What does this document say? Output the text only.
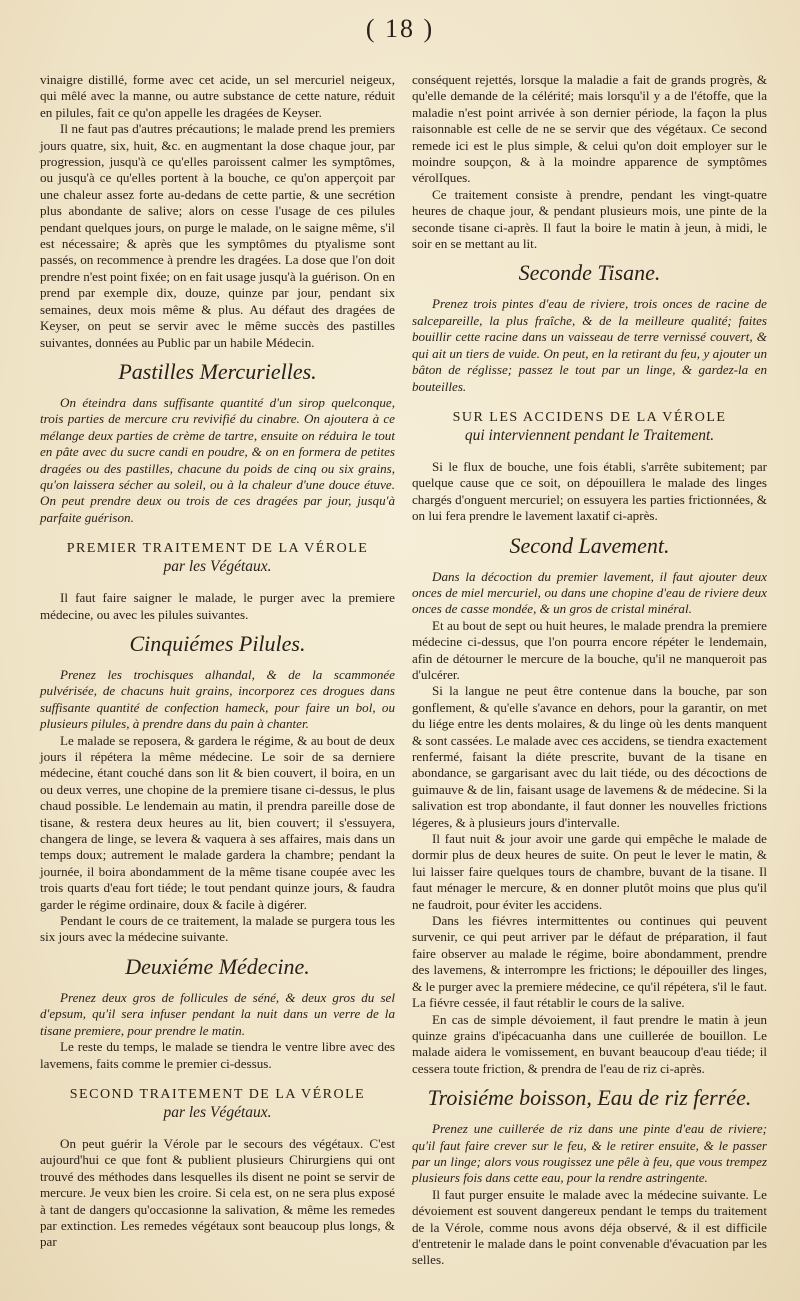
( 18 )

vinaigre distillé, forme avec cet acide, un sel mercuriel neigeux, qui mêlé avec la manne, ou autre substance de cette nature, réduit en pilules, fait ce qu'on appelle les dragées de Keyser.

Il ne faut pas d'autres précautions; le malade prend les premiers jours quatre, six, huit, &c. en augmentant la dose chaque jour, par progression, jusqu'à ce qu'elles paroissent calmer les symptômes, ou jusqu'à ce qu'elles portent à la bouche, ce qu'on apperçoit par une chaleur assez forte au-dedans de cette partie, & une secrétion plus abondante de salive; alors on cesse l'usage de ces pilules pendant quelques jours, on purge le malade, on le saigne même, s'il est nécessaire; & après que les symptômes du ptyalisme sont passés, on recommence à prendre les dragées. La dose que l'on doit prendre n'est point fixée; on en fait usage jusqu'à la guérison. On en prend par exemple dix, douze, quinze par jour, pendant six semaines, deux mois même & plus. Au défaut des dragées de Keyser, on peut se servir avec le même succès des pastilles suivantes, données au Public par un habile Médecin.

Pastilles Mercurielles.

On éteindra dans suffisante quantité d'un sirop quelconque, trois parties de mercure cru revivifié du cinabre. On ajoutera à ce mélange deux parties de crème de tartre, ensuite on réduira le tout en pâte avec du sucre candi en poudre, & on en formera de petites dragées ou des pastilles, chacune du poids de cinq ou six grains, qu'on laissera sécher au soleil, ou à la chaleur d'une douce étuve. On peut prendre deux ou trois de ces dragées par jour, jusqu'à parfaite guérison.

PREMIER TRAITEMENT DE LA VÉROLE
par les Végétaux.

Il faut faire saigner le malade, le purger avec la premiere médecine, ou avec les pilules suivantes.

Cinquiémes Pilules.

Prenez les trochisques alhandal, & de la scammonée pulvérisée, de chacuns huit grains, incorporez ces drogues dans suffisante quantité de confection hameck, pour faire un bol, ou plusieurs pilules, à prendre dans du pain à chanter.

Le malade se reposera, & gardera le régime, & au bout de deux jours il répétera la même médecine. Le soir de sa derniere médecine, étant couché dans son lit & bien couvert, il boira, en un ou deux verres, une chopine de la premiere tisane ci-dessus, le plus chaud possible. Le lendemain au matin, il prendra pareille dose de tisane, & restera deux heures au lit, bien couvert; il s'essuyera, changera de linge, se levera & vaquera à ses affaires, mais dans un temps doux; autrement le malade gardera la chambre; pendant la journée, il boira abondamment de la même tisane coupée avec les trois quarts d'eau fort tiéde; le tout pendant quinze jours, & faudra garder le régime ordinaire, doux & facile à digérer.

Pendant le cours de ce traitement, la malade se purgera tous les six jours avec la médecine suivante.

Deuxiéme Médecine.

Prenez deux gros de follicules de séné, & deux gros du sel d'epsum, qu'il sera infuser pendant la nuit dans un verre de la tisane premiere, pour prendre le matin.

Le reste du temps, le malade se tiendra le ventre libre avec des lavemens, faits comme le premier ci-dessus.

SECOND TRAITEMENT DE LA VÉROLE
par les Végétaux.

On peut guérir la Vérole par le secours des végétaux. C'est aujourd'hui ce que font & publient plusieurs Chirurgiens qui ont trouvé des méthodes dans lesquelles ils disent ne point se servir de mercure. Je veux bien les croire. Si cela est, on ne sera plus exposé à tant de dangers qu'occasionne la salivation, & même les remedes par extinction. Les remedes végétaux sont beaucoup plus longs, & par

conséquent rejettés, lorsque la maladie a fait de grands progrès, & qu'elle demande de la célérité; mais lorsqu'il y a de l'étoffe, que la maladie n'est point arrivée à son dernier période, la façon la plus raisonnable est celle de ne se servir que des végétaux. Ce second remede ici est le plus simple, & celui qu'on doit employer sur le moindre soupçon, & à la moindre apparence de symptômes vérolIques.

Ce traitement consiste à prendre, pendant les vingt-quatre heures de chaque jour, & pendant plusieurs mois, une pinte de la seconde tisane ci-après. Il faut la boire le matin à jeun, à midi, le soir en se mettant au lit.

Seconde Tisane.

Prenez trois pintes d'eau de riviere, trois onces de racine de salcepareille, la plus fraîche, & de la meilleure qualité; faites bouillir cette racine dans un vaisseau de terre vernissé couvert, & qui ait un tiers de vuide. On peut, en la retirant du feu, y ajouter un bâton de réglisse; passez le tout par un linge, & gardez-la en bouteilles.

SUR LES ACCIDENS DE LA VÉROLE
qui interviennent pendant le Traitement.

Si le flux de bouche, une fois établi, s'arrête subitement; par quelque cause que ce soit, on dépouillera le malade des linges chargés d'onguent mercuriel; on essuyera les parties frictionnées, & on lui fera prendre le lavement laxatif ci-après.

Second Lavement.

Dans la décoction du premier lavement, il faut ajouter deux onces de miel mercuriel, ou dans une chopine d'eau de riviere deux onces de casse mondée, & un gros de cristal minéral.

Et au bout de sept ou huit heures, le malade prendra la premiere médecine ci-dessus, que l'on pourra encore répéter le lendemain, afin de détourner le mercure de la bouche, qu'il ne manqueroit pas d'ulcérer.

Si la langue ne peut être contenue dans la bouche, par son gonflement, & qu'elle s'avance en dehors, pour la garantir, on met du liége entre les dents molaires, & du linge où les dents manquent & sont cassées. Le malade avec ces accidens, se tiendra exactement renfermé, faisant la diéte prescrite, buvant de la tisane en abondance, se gargarisant avec du lait tiéde, ou des décoctions de guimauve & de lin, faisant usage de lavemens & de médecine. Si la salivation est trop abondante, il faut donner les nouvelles frictions légeres, & à plusieurs jours d'intervalle.

Il faut nuit & jour avoir une garde qui empêche le malade de dormir plus de deux heures de suite. On peut le lever le matin, & lui laisser faire quelques tours de chambre, buvant de la tisane. Il faut ménager le mercure, & en donner plutôt moins que plus qu'il ne faudroit, pour éviter les accidens.

Dans les fiévres intermittentes ou continues qui peuvent survenir, ce qui peut arriver par le défaut de préparation, il faut faire observer au malade le régime, boire abondamment, prendre des lavemens, & interrompre les frictions; le dépouiller des linges, & le purger avec la premiere médecine, ce qu'il répétera, s'il le faut. La fiévre cessée, il faut rétablir le cours de la salive.

En cas de simple dévoiement, il faut prendre le matin à jeun quinze grains d'ipécacuanha dans une cuillerée de bouillon. Le malade aidera le vomissement, en buvant beaucoup d'eau tiéde; il cessera toute friction, & prendra de l'eau de riz ci-après.

Troisiéme boisson, Eau de riz ferrée.

Prenez une cuillerée de riz dans une pinte d'eau de riviere; qu'il faut faire crever sur le feu, & le retirer ensuite, & le passer par un linge; alors vous rougissez une pêle à feu, que vous trempez plusieurs fois dans cette eau, pour la rendre astringente.

Il faut purger ensuite le malade avec la médecine suivante. Le dévoiement est souvent dangereux pendant le temps du traitement de la Vérole, comme nous avons déja observé, & il est difficile d'entretenir le malade dans le point convenable d'évacuation par les selles.
